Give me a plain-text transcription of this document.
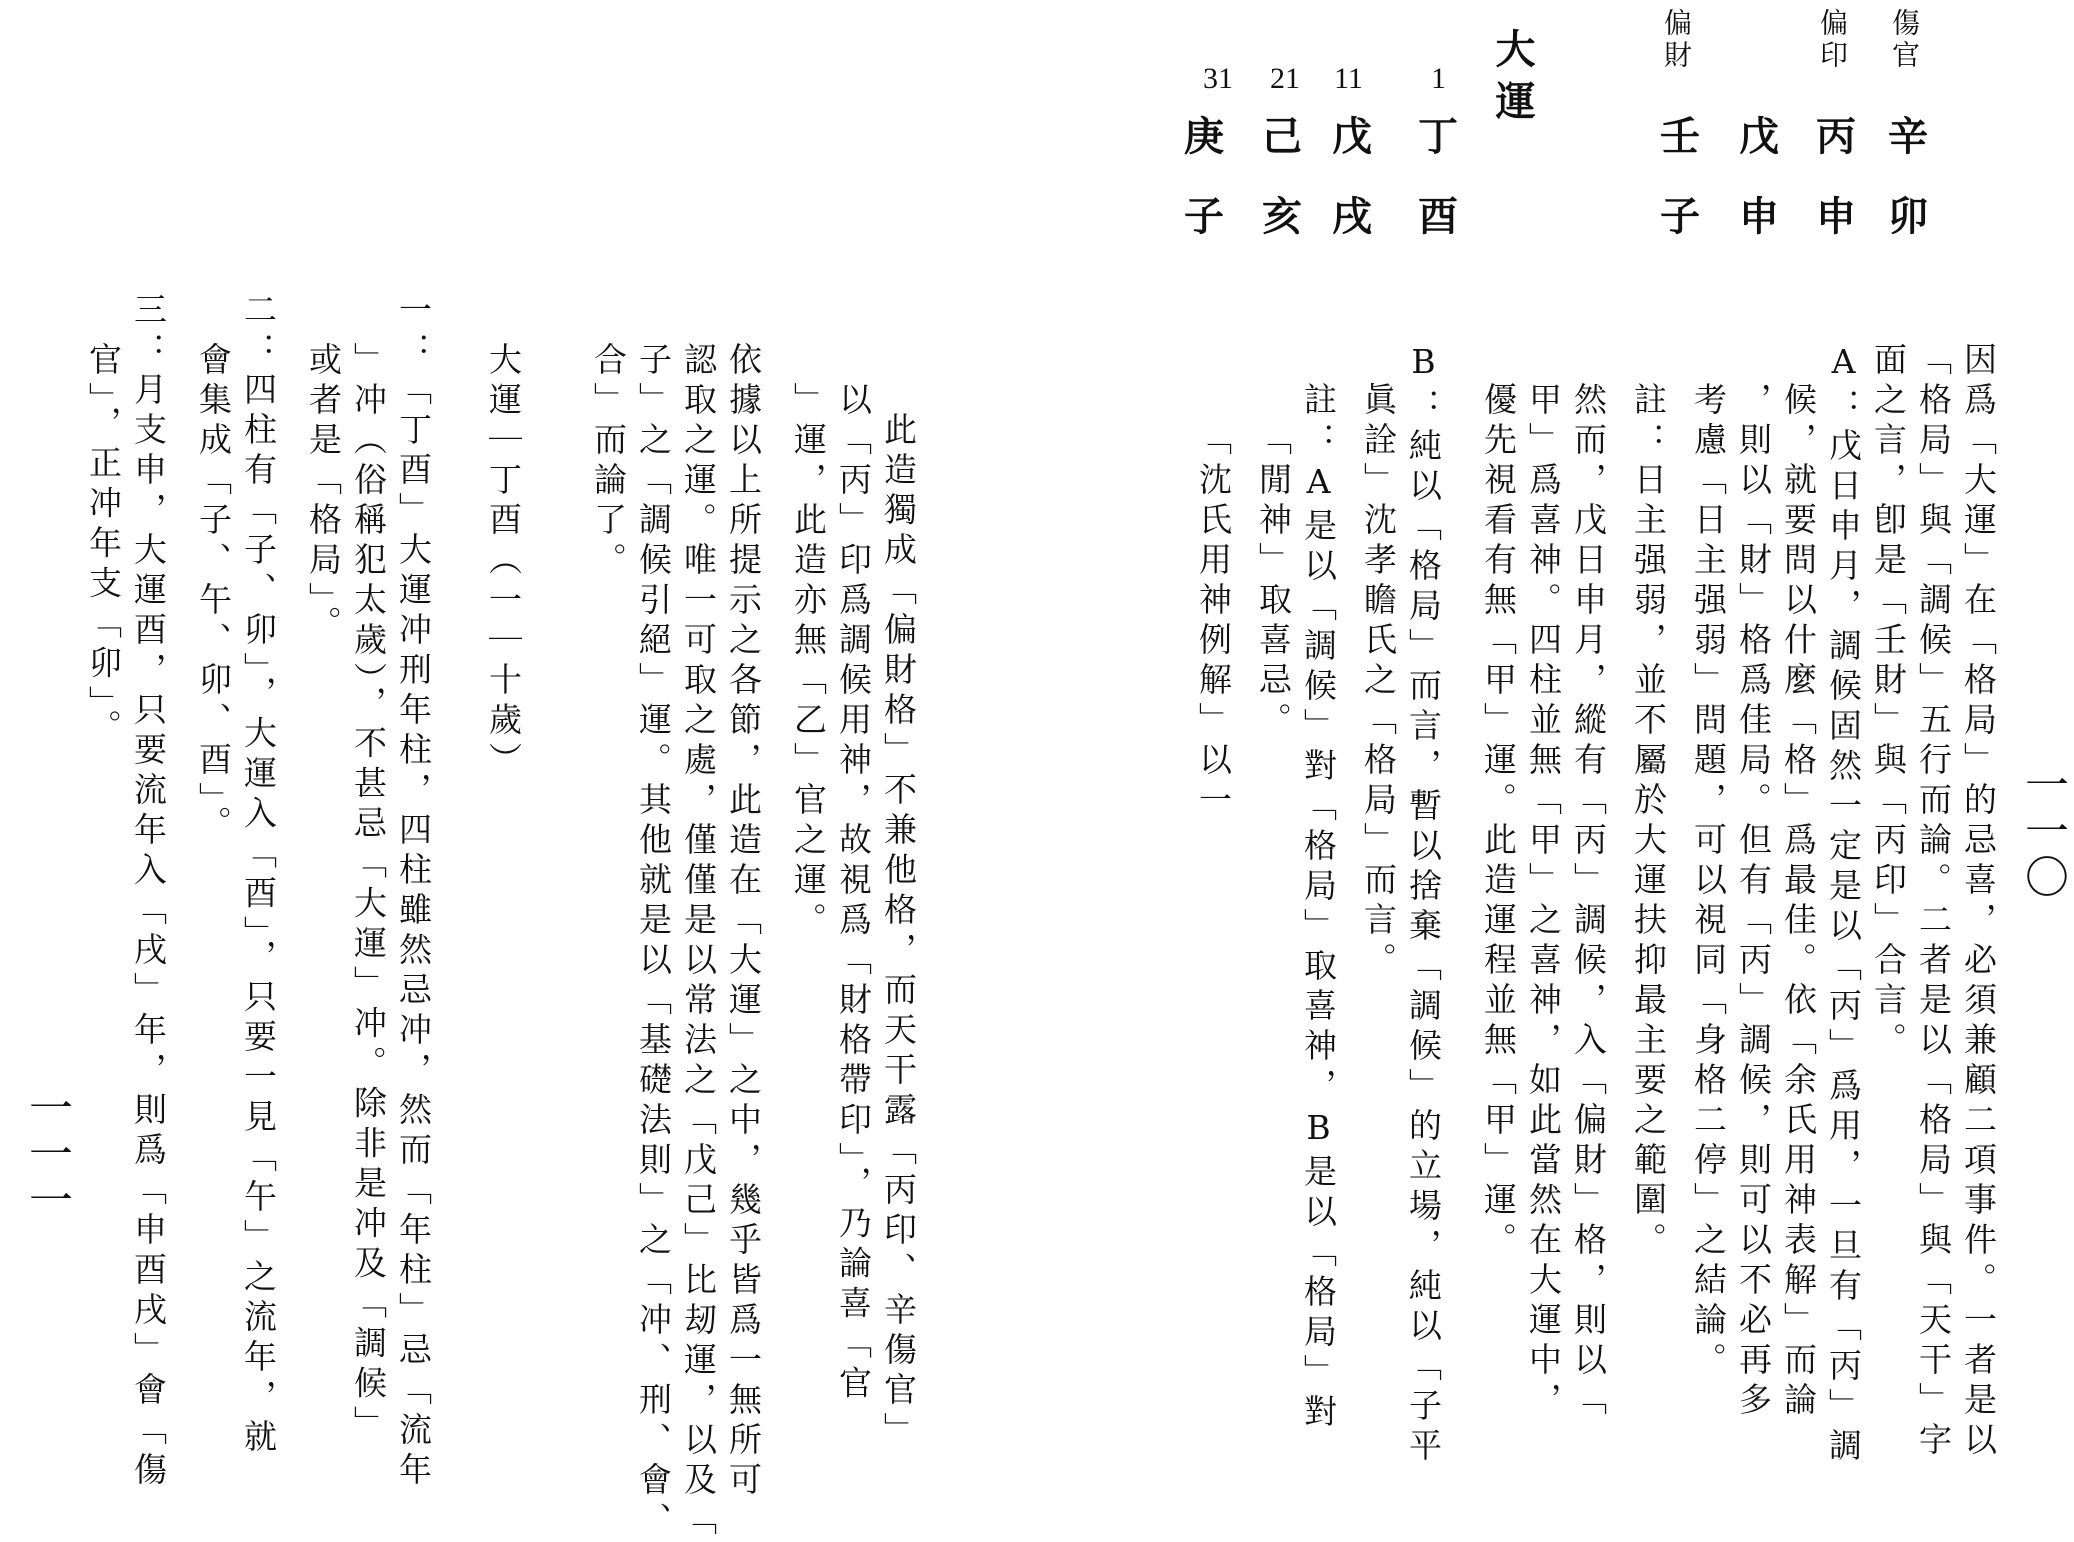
一一〇
一一一
傷官
辛
卯
偏印
丙
申
戊
申
偏財
壬
子
大運
1
丁
酉
11
戊
戌
21
己
亥
31
庚
子
因爲「大運」在「格局」的忌喜，必須兼顧二項事件。一者是以
「格局」與「調候」五行而論。二者是以「格局」與「天干」字
面之言，卽是「壬財」與「丙印」合言。
A：戊日申月，調候固然一定是以「丙」爲用，一旦有「丙」調
候，就要問以什麼「格」爲最佳。依「余氏用神表解」而論
，則以「財」格爲佳局。但有「丙」調候，則可以不必再多
考慮「日主强弱」問題，可以視同「身格二停」之結論。
註：日主强弱，並不屬於大運扶抑最主要之範圍。
然而，戊日申月，縱有「丙」調候，入「偏財」格，則以「
甲」爲喜神。四柱並無「甲」之喜神，如此當然在大運中，
優先視看有無「甲」運。此造運程並無「甲」運。
B：純以「格局」而言，暫以捨棄「調候」的立場，純以「子平
眞詮」沈孝瞻氏之「格局」而言。
註：A是以「調候」對「格局」取喜神，B是以「格局」對
「閒神」取喜忌。
「沈氏用神例解」以一
此造獨成「偏財格」不兼他格，而天干露「丙印、辛傷官」
以「丙」印爲調候用神，故視爲「財格帶印」，乃論喜「官
」運，此造亦無「乙」官之運。
依據以上所提示之各節，此造在「大運」之中，幾乎皆爲一無所可
認取之運。唯一可取之處，僅僅是以常法之「戊己」比刼運，以及「
子」之「調候引絕」運。其他就是以「基礎法則」之「冲、刑、會、
合」而論了。
大運｜丁酉（一｜十歲）
一：「丁酉」大運冲刑年柱，四柱雖然忌冲，然而「年柱」忌「流年
」冲（俗稱犯太歲），不甚忌「大運」冲。除非是冲及「調候」
或者是「格局」。
二：四柱有「子、卯」，大運入「酉」，只要一見「午」之流年，就
會集成「子、午、卯、酉」。
三：月支申，大運酉，只要流年入「戌」年，則爲「申酉戌」會「傷
官」，正冲年支「卯」。
